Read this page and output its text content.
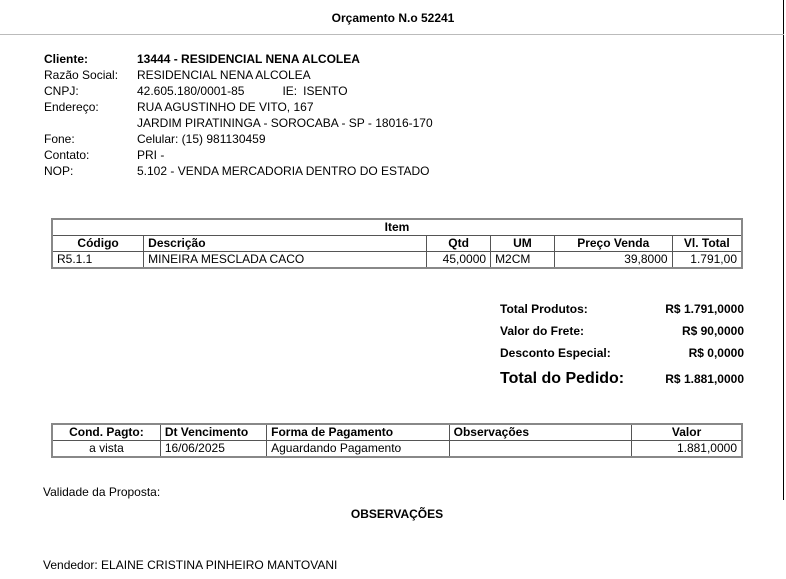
Orçamento N.o 52241
Cliente:	13444 - RESIDENCIAL NENA ALCOLEA
Razão Social:	RESIDENCIAL NENA ALCOLEA
CNPJ:	42.605.180/0001-85	IE: ISENTO
Endereço:	RUA AGUSTINHO DE VITO, 167
JARDIM PIRATININGA - SOROCABA - SP - 18016-170
Fone:	Celular: (15) 981130459
Contato:	PRI -
NOP:	5.102 - VENDA MERCADORIA DENTRO DO ESTADO
Item					
Código	Descrição	Qtd	UM	Preço Venda	Vl. Total
R5.1.1	MINEIRA MESCLADA CACO	45,0000	M2CM	39,8000	1.791,00
Total Produtos:	R$ 1.791,0000
Valor do Frete:	R$ 90,0000
Desconto Especial:	R$ 0,0000
Total do Pedido:	R$ 1.881,0000
Cond. Pagto:	Dt Vencimento	Forma de Pagamento	Observações	Valor
a vista	16/06/2025	Aguardando Pagamento		1.881,0000
Validade da Proposta:
OBSERVAÇÕES
Vendedor: ELAINE CRISTINA PINHEIRO MANTOVANI
